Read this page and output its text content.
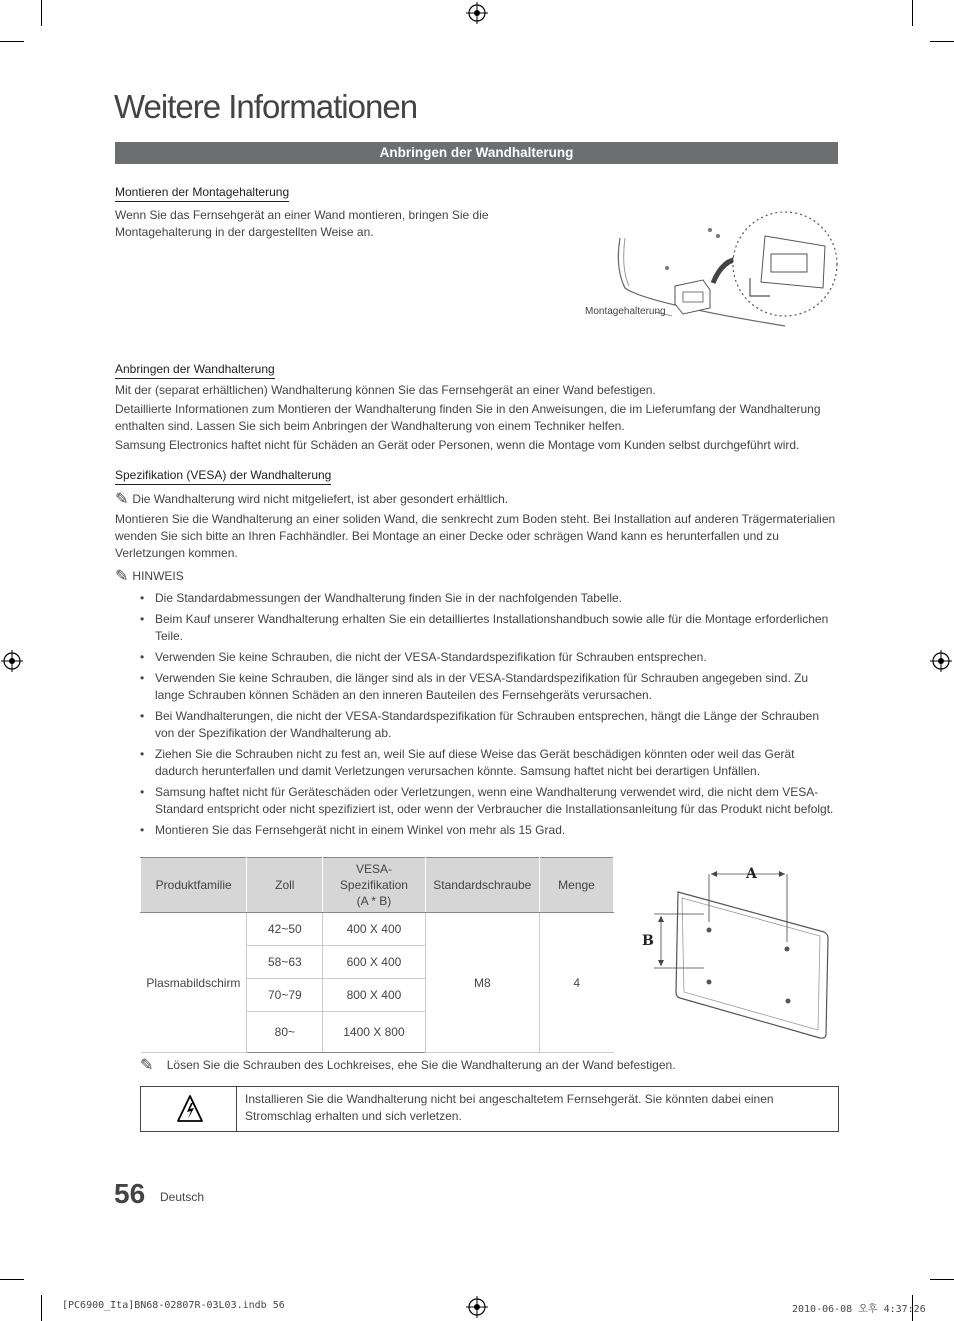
Weitere Informationen
Anbringen der Wandhalterung
Montieren der Montagehalterung
Wenn Sie das Fernsehgerät an einer Wand montieren, bringen Sie die Montagehalterung in der dargestellten Weise an.
Montagehalterung
Anbringen der Wandhalterung
Mit der (separat erhältlichen) Wandhalterung können Sie das Fernsehgerät an einer Wand befestigen.
Detaillierte Informationen zum Montieren der Wandhalterung finden Sie in den Anweisungen, die im Lieferumfang der Wandhalterung enthalten sind. Lassen Sie sich beim Anbringen der Wandhalterung von einem Techniker helfen.
Samsung Electronics haftet nicht für Schäden an Gerät oder Personen, wenn die Montage vom Kunden selbst durchgeführt wird.
Spezifikation (VESA) der Wandhalterung
✎ Die Wandhalterung wird nicht mitgeliefert, ist aber gesondert erhältlich.
Montieren Sie die Wandhalterung an einer soliden Wand, die senkrecht zum Boden steht. Bei Installation auf anderen Trägermaterialien wenden Sie sich bitte an Ihren Fachhändler. Bei Montage an einer Decke oder schrägen Wand kann es herunterfallen und zu Verletzungen kommen.
✎ HINWEIS
• Die Standardabmessungen der Wandhalterung finden Sie in der nachfolgenden Tabelle.
• Beim Kauf unserer Wandhalterung erhalten Sie ein detailliertes Installationshandbuch sowie alle für die Montage erforderlichen Teile.
• Verwenden Sie keine Schrauben, die nicht der VESA-Standardspezifikation für Schrauben entsprechen.
• Verwenden Sie keine Schrauben, die länger sind als in der VESA-Standardspezifikation für Schrauben angegeben sind. Zu lange Schrauben können Schäden an den inneren Bauteilen des Fernsehgeräts verursachen.
• Bei Wandhalterungen, die nicht der VESA-Standardspezifikation für Schrauben entsprechen, hängt die Länge der Schrauben von der Spezifikation der Wandhalterung ab.
• Ziehen Sie die Schrauben nicht zu fest an, weil Sie auf diese Weise das Gerät beschädigen könnten oder weil das Gerät dadurch herunterfallen und damit Verletzungen verursachen könnte. Samsung haftet nicht bei derartigen Unfällen.
• Samsung haftet nicht für Geräteschäden oder Verletzungen, wenn eine Wandhalterung verwendet wird, die nicht dem VESA-Standard entspricht oder nicht spezifiziert ist, oder wenn der Verbraucher die Installationsanleitung für das Produkt nicht befolgt.
• Montieren Sie das Fernsehgerät nicht in einem Winkel von mehr als 15 Grad.
Produktfamilie	Zoll	VESA-
Spezifikation
(A * B)	Standardschraube	Menge
Plasmabildschirm	42~50	400 X 400	M8	4
	58~63	600 X 400		
	70~79	800 X 400		
	80~	1400 X 800		
A
B
✎ Lösen Sie die Schrauben des Lochkreises, ehe Sie die Wandhalterung an der Wand befestigen.
Installieren Sie die Wandhalterung nicht bei angeschaltetem Fernsehgerät. Sie könnten dabei einen Stromschlag erhalten und sich verletzen.
56 Deutsch
[PC6900_Ita]BN68-02807R-03L03.indb 56	2010-06-08 오후 4:37:26
